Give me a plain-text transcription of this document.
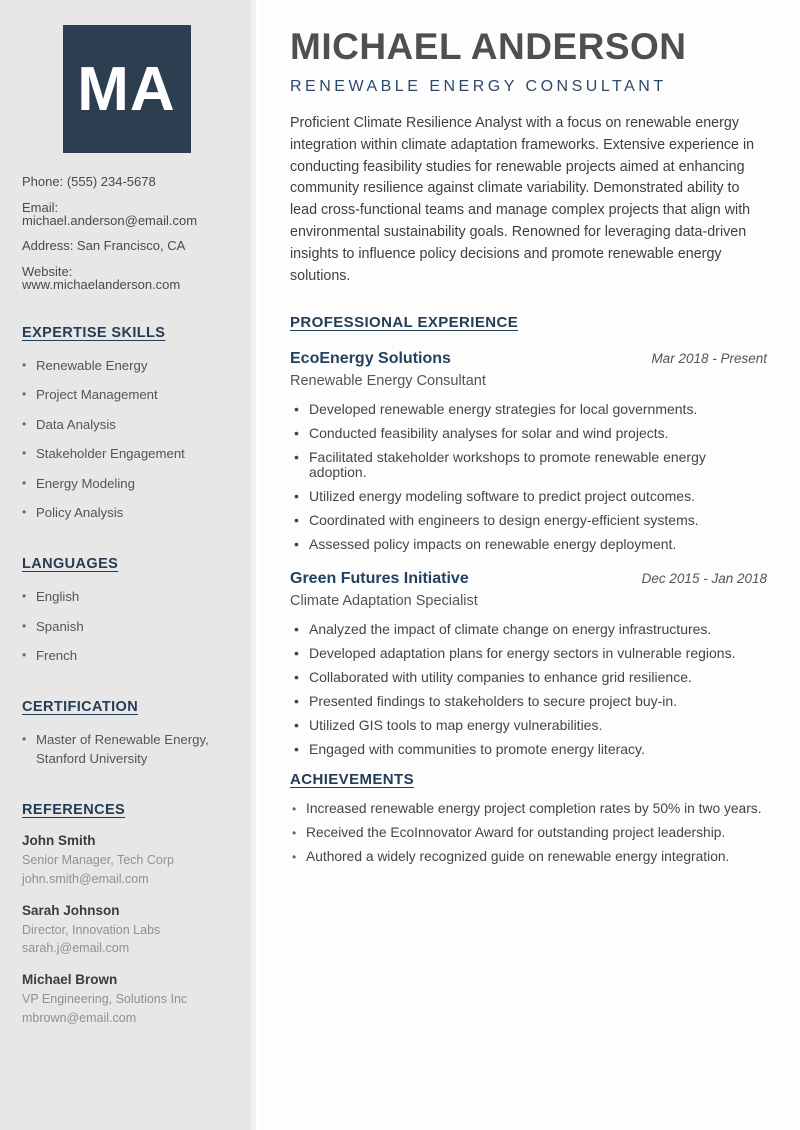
MA
Phone: (555) 234-5678
Email: michael.anderson@email.com
Address: San Francisco, CA
Website: www.michaelanderson.com
EXPERTISE SKILLS
• Renewable Energy
• Project Management
• Data Analysis
• Stakeholder Engagement
• Energy Modeling
• Policy Analysis
LANGUAGES
• English
• Spanish
• French
CERTIFICATION
• Master of Renewable Energy, Stanford University
REFERENCES
John Smith
Senior Manager, Tech Corp
john.smith@email.com
Sarah Johnson
Director, Innovation Labs
sarah.j@email.com
Michael Brown
VP Engineering, Solutions Inc
mbrown@email.com
MICHAEL ANDERSON
RENEWABLE ENERGY CONSULTANT

Proficient Climate Resilience Analyst with a focus on renewable energy integration within climate adaptation frameworks. Extensive experience in conducting feasibility studies for renewable projects aimed at enhancing community resilience against climate variability. Demonstrated ability to lead cross-functional teams and manage complex projects that align with environmental sustainability goals. Renowned for leveraging data-driven insights to influence policy decisions and promote renewable energy solutions.

PROFESSIONAL EXPERIENCE
EcoEnergy Solutions	Mar 2018 - Present
Renewable Energy Consultant
• Developed renewable energy strategies for local governments.
• Conducted feasibility analyses for solar and wind projects.
• Facilitated stakeholder workshops to promote renewable energy adoption.
• Utilized energy modeling software to predict project outcomes.
• Coordinated with engineers to design energy-efficient systems.
• Assessed policy impacts on renewable energy deployment.
Green Futures Initiative	Dec 2015 - Jan 2018
Climate Adaptation Specialist
• Analyzed the impact of climate change on energy infrastructures.
• Developed adaptation plans for energy sectors in vulnerable regions.
• Collaborated with utility companies to enhance grid resilience.
• Presented findings to stakeholders to secure project buy-in.
• Utilized GIS tools to map energy vulnerabilities.
• Engaged with communities to promote energy literacy.
ACHIEVEMENTS
• Increased renewable energy project completion rates by 50% in two years.
• Received the EcoInnovator Award for outstanding project leadership.
• Authored a widely recognized guide on renewable energy integration.
